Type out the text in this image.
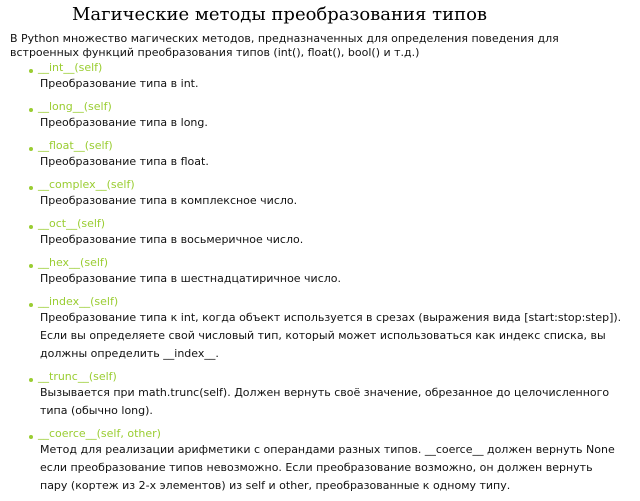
Магические методы преобразования типов
В Python множество магических методов, предназначенных для определения поведения для встроенных функций преобразования типов (int(), float(), bool() и т.д.)
__int__(self)
Преобразование типа в int.
__long__(self)
Преобразование типа в long.
__float__(self)
Преобразование типа в float.
__complex__(self)
Преобразование типа в комплексное число.
__oct__(self)
Преобразование типа в восьмеричное число.
__hex__(self)
Преобразование типа в шестнадцатиричное число.
__index__(self)
Преобразование типа к int, когда объект используется в срезах (выражения вида [start:stop:step]). Если вы определяете свой числовый тип, который может использоваться как индекс списка, вы должны определить __index__.
__trunc__(self)
Вызывается при math.trunc(self). Должен вернуть своё значение, обрезанное до целочисленного типа (обычно long).
__coerce__(self, other)
Метод для реализации арифметики с операндами разных типов. __coerce__ должен вернуть None если преобразование типов невозможно. Если преобразование возможно, он должен вернуть пару (кортеж из 2-х элементов) из self и other, преобразованные к одному типу.
